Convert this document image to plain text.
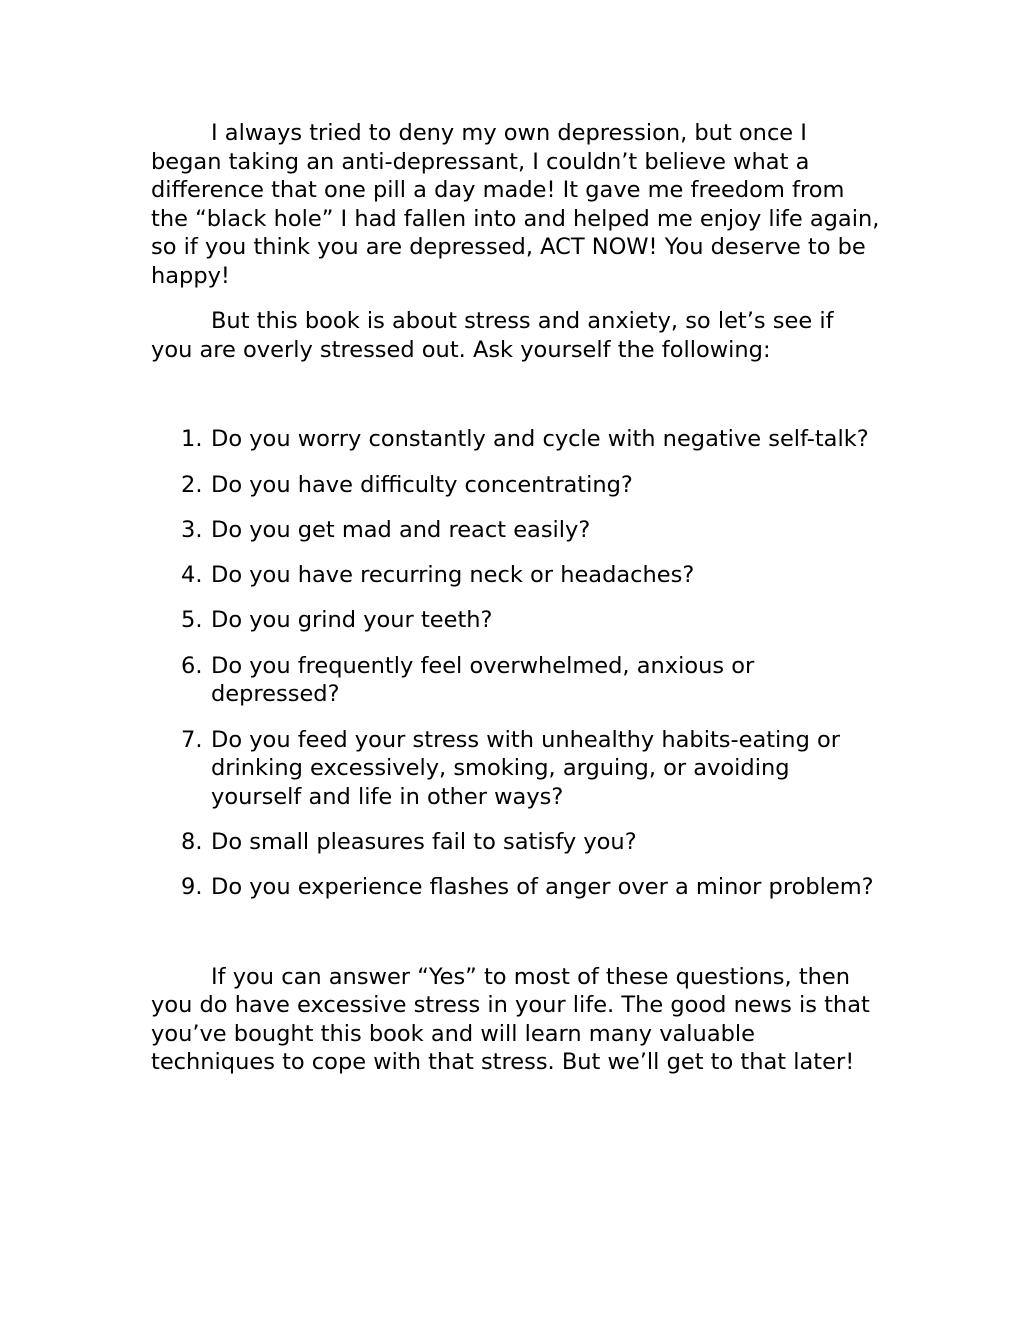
I always tried to deny my own depression, but once I began taking an anti-depressant, I couldn’t believe what a difference that one pill a day made! It gave me freedom from the “black hole” I had fallen into and helped me enjoy life again, so if you think you are depressed, ACT NOW! You deserve to be happy!

But this book is about stress and anxiety, so let’s see if you are overly stressed out. Ask yourself the following:

1. Do you worry constantly and cycle with negative self-talk?
2. Do you have difficulty concentrating?
3. Do you get mad and react easily?
4. Do you have recurring neck or headaches?
5. Do you grind your teeth?
6. Do you frequently feel overwhelmed, anxious or depressed?
7. Do you feed your stress with unhealthy habits-eating or drinking excessively, smoking, arguing, or avoiding yourself and life in other ways?
8. Do small pleasures fail to satisfy you?
9. Do you experience flashes of anger over a minor problem?

If you can answer “Yes” to most of these questions, then you do have excessive stress in your life. The good news is that you’ve bought this book and will learn many valuable techniques to cope with that stress. But we’ll get to that later!
